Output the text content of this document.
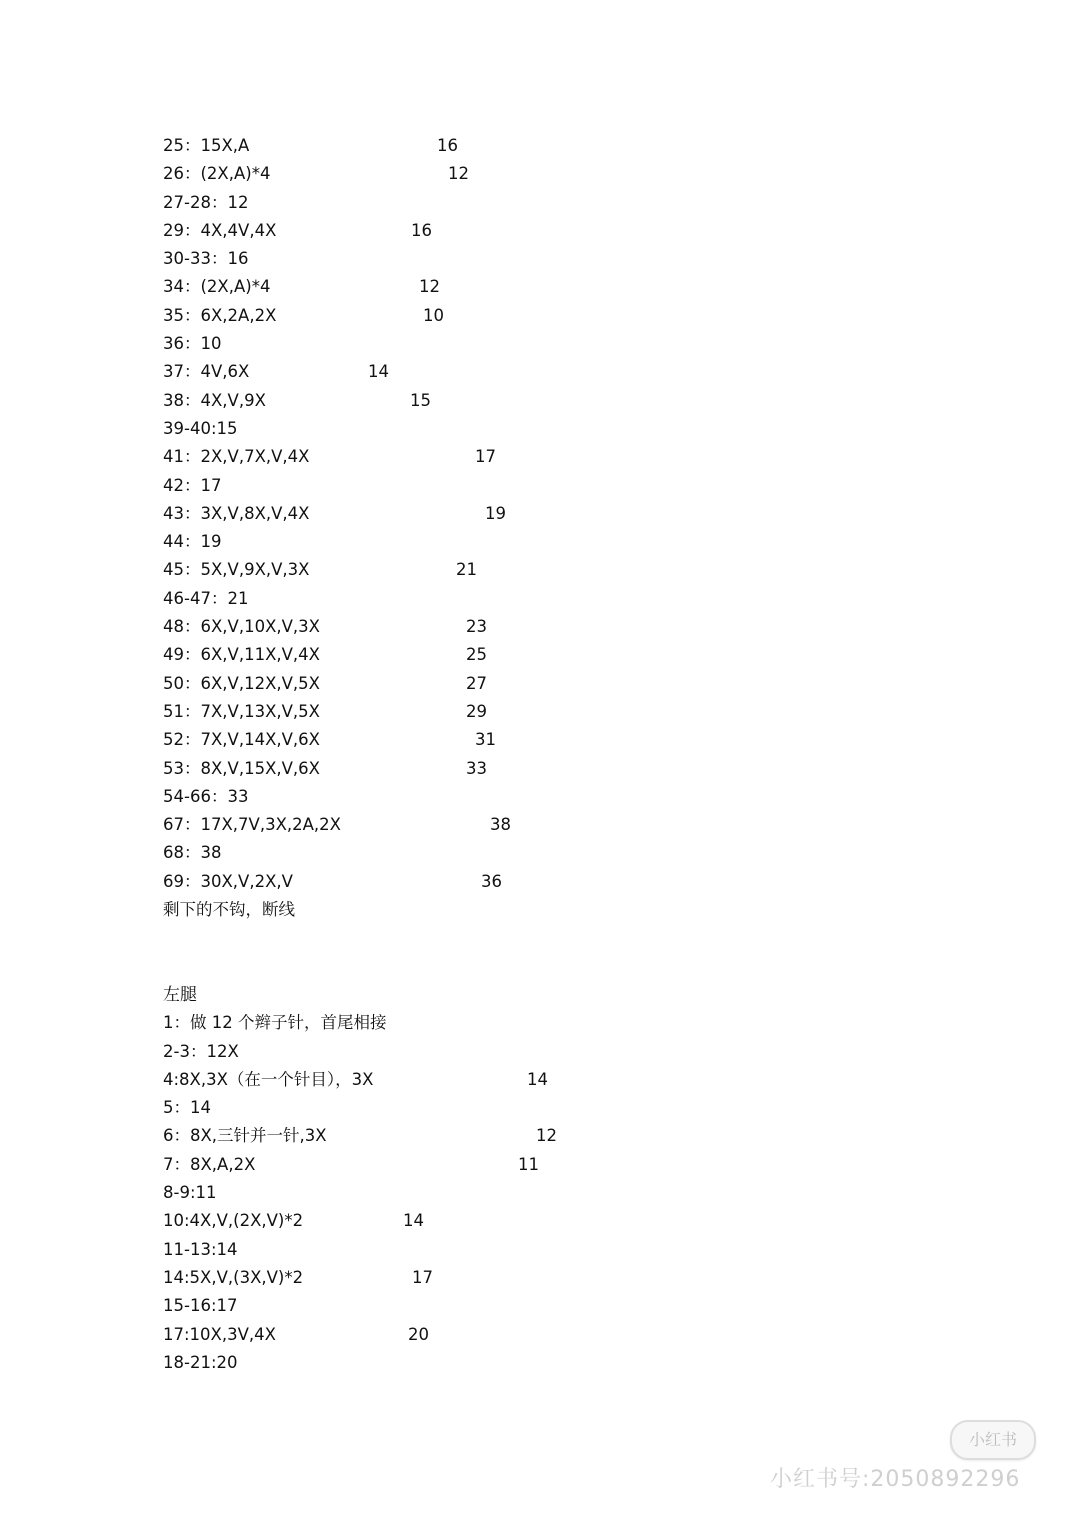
25：15X,A	16
26：(2X,A)*4	12
27-28：12
29：4X,4V,4X	16
30-33：16
34：(2X,A)*4	12
35：6X,2A,2X	10
36：10
37：4V,6X	14
38：4X,V,9X	15
39-40:15
41：2X,V,7X,V,4X	17
42：17
43：3X,V,8X,V,4X	19
44：19
45：5X,V,9X,V,3X	21
46-47：21
48：6X,V,10X,V,3X	23
49：6X,V,11X,V,4X	25
50：6X,V,12X,V,5X	27
51：7X,V,13X,V,5X	29
52：7X,V,14X,V,6X	31
53：8X,V,15X,V,6X	33
54-66：33
67：17X,7V,3X,2A,2X	38
68：38
69：30X,V,2X,V	36
剩下的不钩，断线
左腿
1：做 12 个辫子针，首尾相接
2-3：12X
4:8X,3X（在一个针目），3X	14
5：14
6：8X,三针并一针,3X	12
7：8X,A,2X	11
8-9:11
10:4X,V,(2X,V)*2	14
11-13:14
14:5X,V,(3X,V)*2	17
15-16:17
17:10X,3V,4X	20
18-21:20
小红书
小红书号:2050892296
